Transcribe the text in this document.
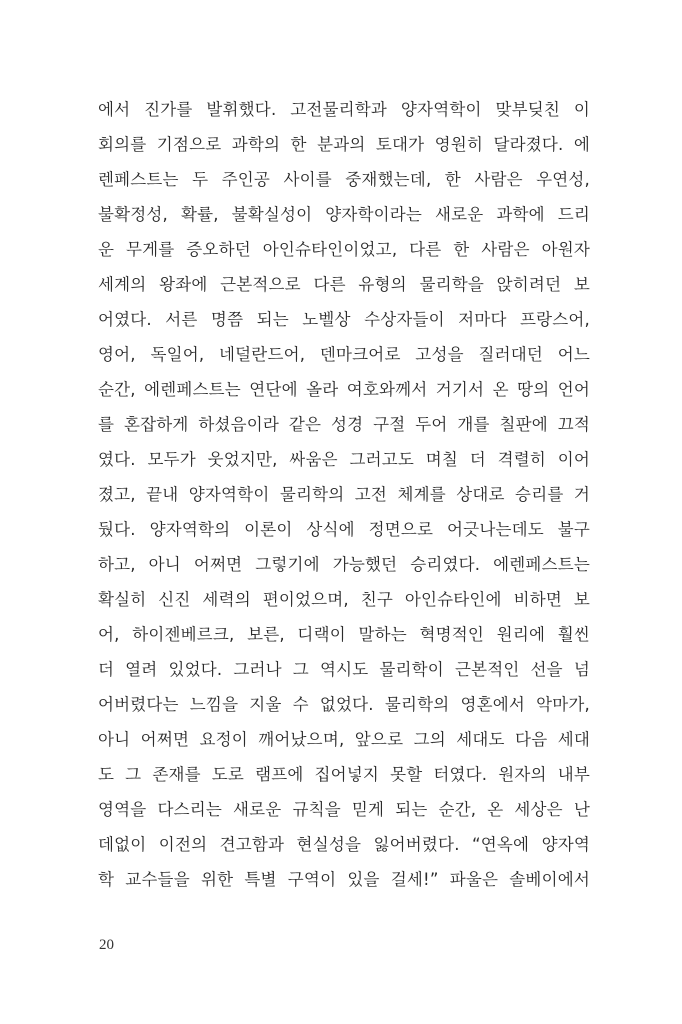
에서 진가를 발휘했다. 고전물리학과 양자역학이 맞부딪친 이
회의를 기점으로 과학의 한 분과의 토대가 영원히 달라졌다. 에
렌페스트는 두 주인공 사이를 중재했는데, 한 사람은 우연성,
불확정성, 확률, 불확실성이 양자학이라는 새로운 과학에 드리
운 무게를 증오하던 아인슈타인이었고, 다른 한 사람은 아원자
세계의 왕좌에 근본적으로 다른 유형의 물리학을 앉히려던 보
어였다. 서른 명쯤 되는 노벨상 수상자들이 저마다 프랑스어,
영어, 독일어, 네덜란드어, 덴마크어로 고성을 질러대던 어느
순간, 에렌페스트는 연단에 올라 여호와께서 거기서 온 땅의 언어
를 혼잡하게 하셨음이라 같은 성경 구절 두어 개를 칠판에 끄적
였다. 모두가 웃었지만, 싸움은 그러고도 며칠 더 격렬히 이어
졌고, 끝내 양자역학이 물리학의 고전 체계를 상대로 승리를 거
뒀다. 양자역학의 이론이 상식에 정면으로 어긋나는데도 불구
하고, 아니 어쩌면 그렇기에 가능했던 승리였다. 에렌페스트는
확실히 신진 세력의 편이었으며, 친구 아인슈타인에 비하면 보
어, 하이젠베르크, 보른, 디랙이 말하는 혁명적인 원리에 훨씬
더 열려 있었다. 그러나 그 역시도 물리학이 근본적인 선을 넘
어버렸다는 느낌을 지울 수 없었다. 물리학의 영혼에서 악마가,
아니 어쩌면 요정이 깨어났으며, 앞으로 그의 세대도 다음 세대
도 그 존재를 도로 램프에 집어넣지 못할 터였다. 원자의 내부
영역을 다스리는 새로운 규칙을 믿게 되는 순간, 온 세상은 난
데없이 이전의 견고함과 현실성을 잃어버렸다. “연옥에 양자역
학 교수들을 위한 특별 구역이 있을 걸세!” 파울은 솔베이에서
20
